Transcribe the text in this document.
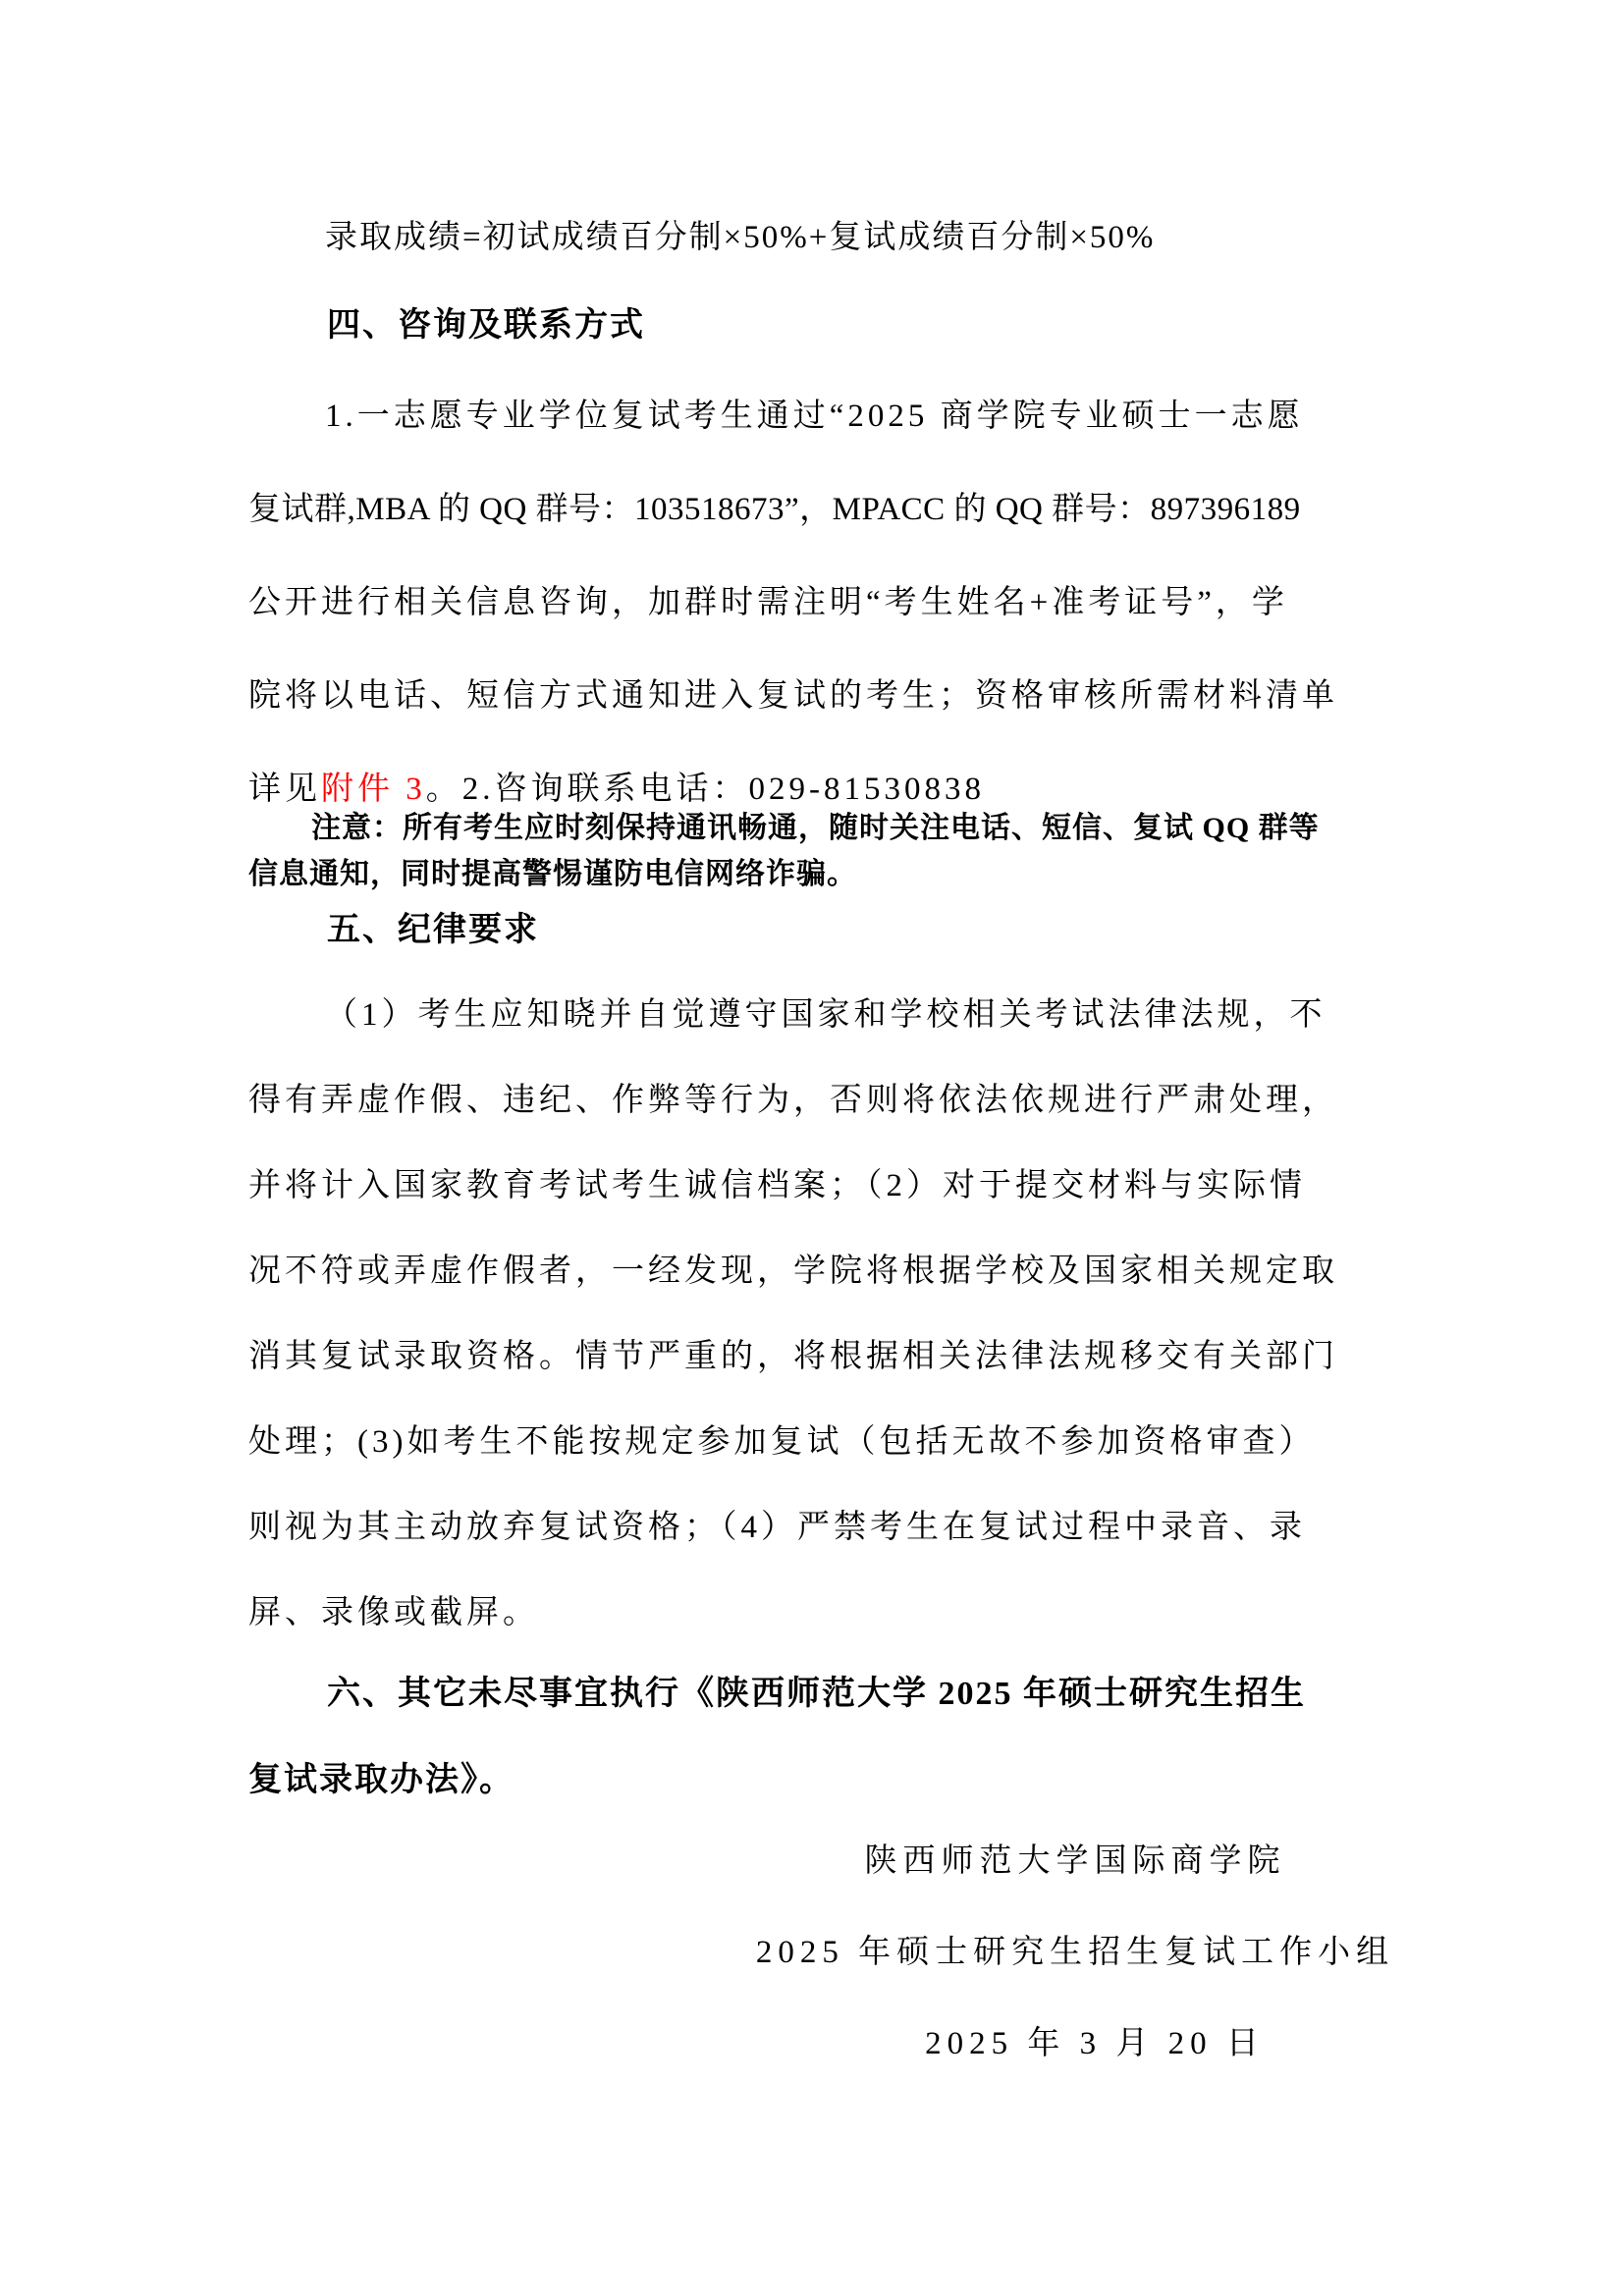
录取成绩=初试成绩百分制×50%+复试成绩百分制×50%
四、咨询及联系方式
1.一志愿专业学位复试考生通过“2025 商学院专业硕士一志愿
复试群,MBA 的 QQ 群号：103518673”，MPACC 的 QQ 群号：897396189
公开进行相关信息咨询，加群时需注明“考生姓名+准考证号”，学
院将以电话、短信方式通知进入复试的考生；资格审核所需材料清单
详见附件 3。2.咨询联系电话：029-81530838
注意：所有考生应时刻保持通讯畅通，随时关注电话、短信、复试 QQ 群等
信息通知，同时提高警惕谨防电信网络诈骗。
五、纪律要求
（1）考生应知晓并自觉遵守国家和学校相关考试法律法规，不
得有弄虚作假、违纪、作弊等行为，否则将依法依规进行严肃处理，
并将计入国家教育考试考生诚信档案；（2）对于提交材料与实际情
况不符或弄虚作假者，一经发现，学院将根据学校及国家相关规定取
消其复试录取资格。情节严重的，将根据相关法律法规移交有关部门
处理；(3)如考生不能按规定参加复试（包括无故不参加资格审查）
则视为其主动放弃复试资格；（4）严禁考生在复试过程中录音、录
屏、录像或截屏。
六、其它未尽事宜执行《陕西师范大学 2025 年硕士研究生招生
复试录取办法》。
陕西师范大学国际商学院
2025 年硕士研究生招生复试工作小组
2025 年 3 月 20 日
